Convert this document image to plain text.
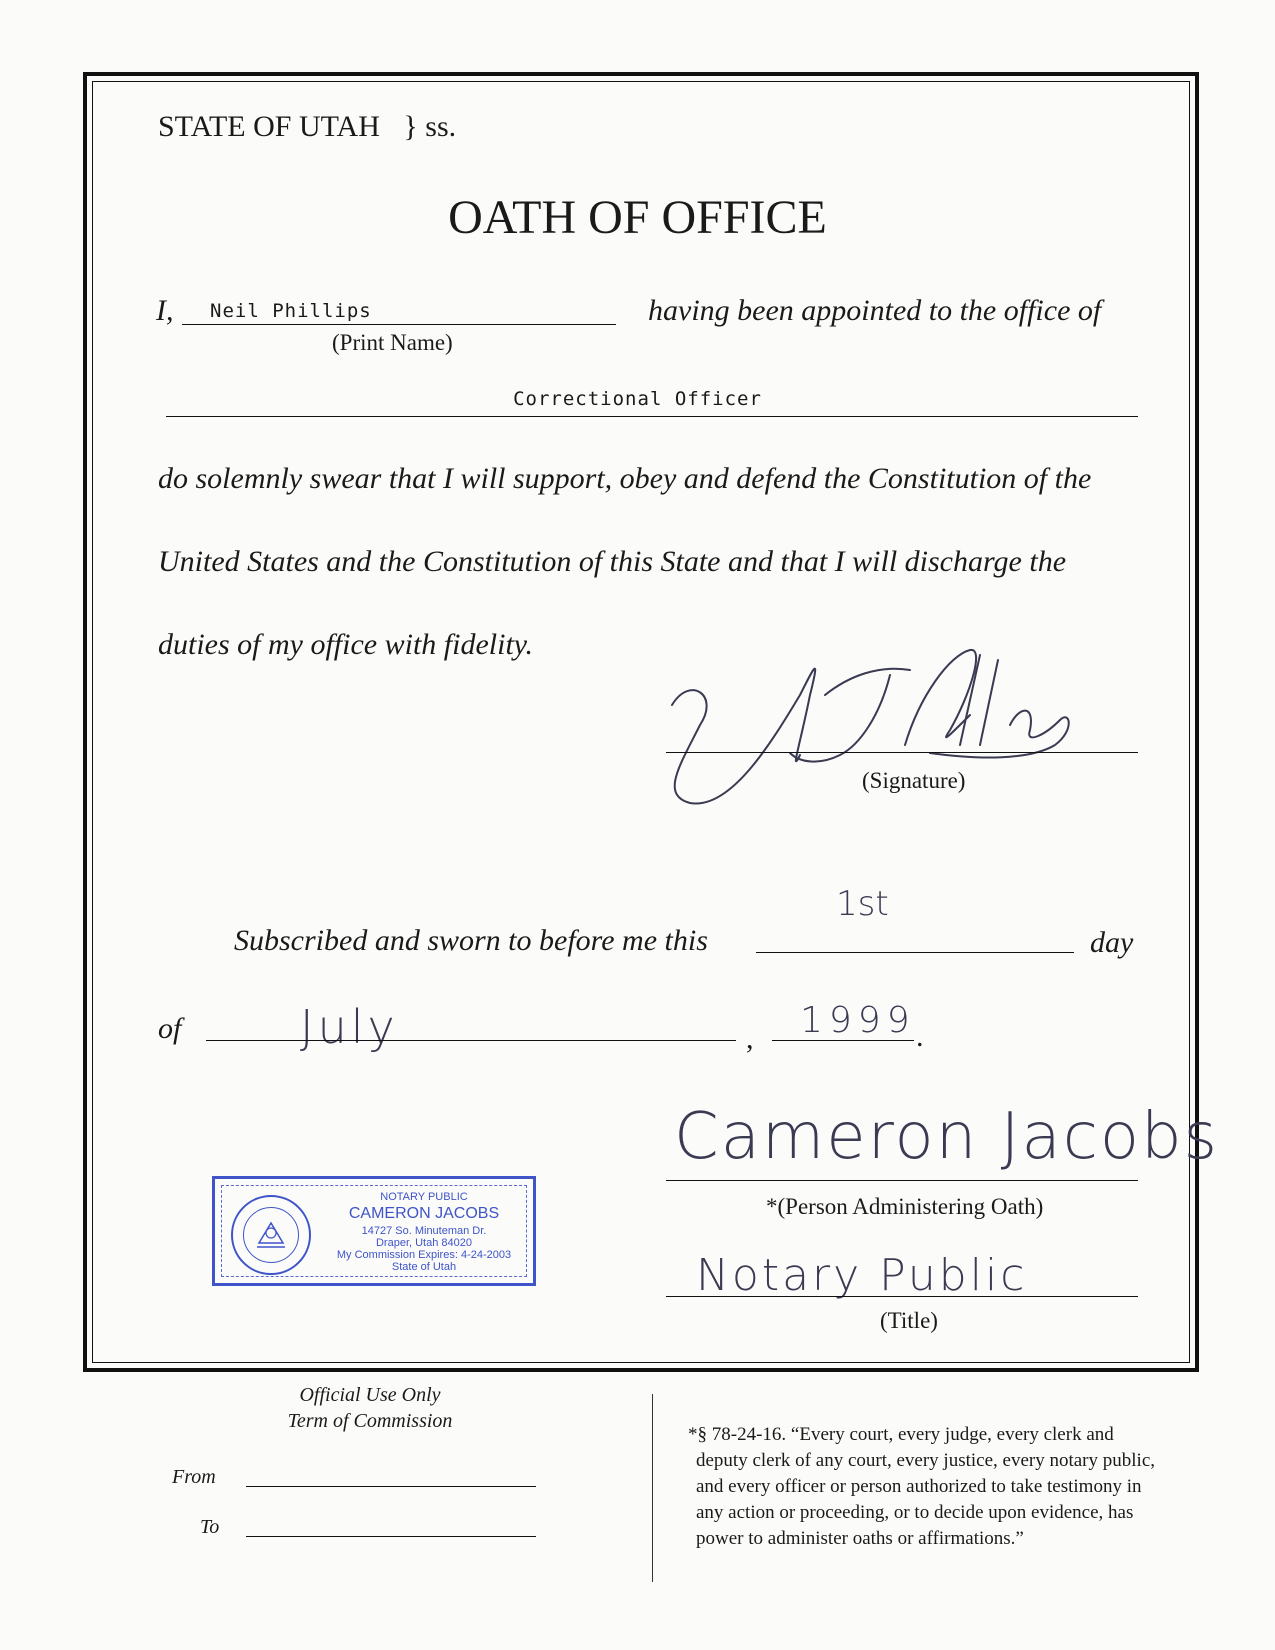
STATE OF UTAH } ss.
OATH OF OFFICE
I, Neil Phillips
(Print Name)
having been appointed to the office of
Correctional Officer
do solemnly swear that I will support, obey and defend the Constitution of the
United States and the Constitution of this State and that I will discharge the
duties of my office with fidelity.
(Signature)
Subscribed and sworn to before me this
1st
day
of	July	, 1999 .
Cameron Jacobs
*(Person Administering Oath)
Notary Public
(Title)
NOTARY PUBLIC
CAMERON JACOBS
14727 So. Minuteman Dr.
Draper, Utah 84020
My Commission Expires: 4-24-2003
State of Utah
Official Use Only
Term of Commission
From
To
*§ 78-24-16. “Every court, every judge, every clerk and
deputy clerk of any court, every justice, every notary public,
and every officer or person authorized to take testimony in
any action or proceeding, or to decide upon evidence, has
power to administer oaths or affirmations.”
